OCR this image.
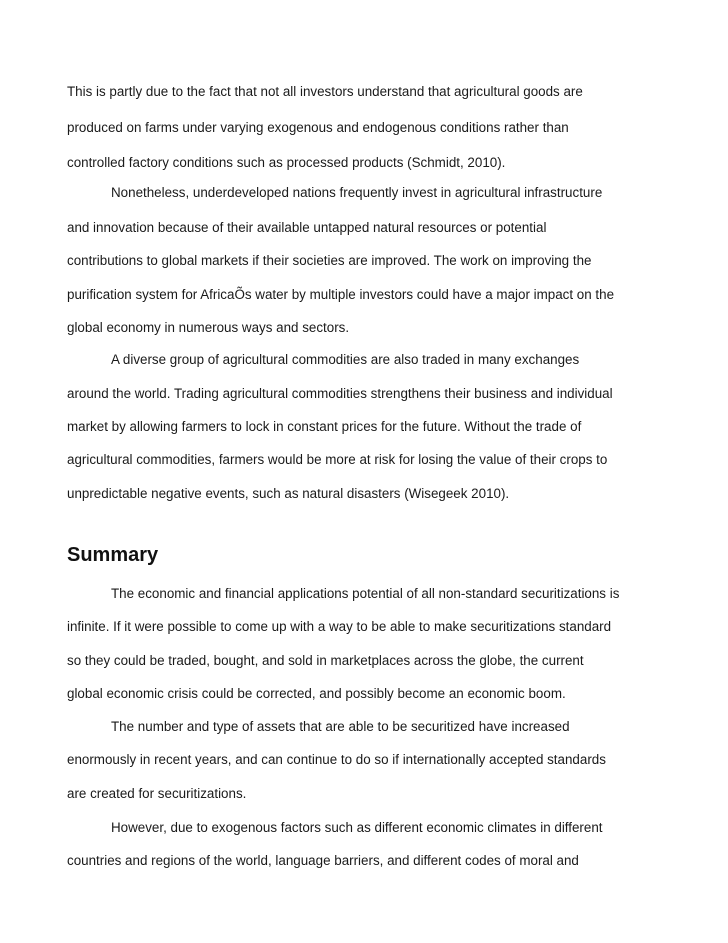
This is partly due to the fact that not all investors understand that agricultural goods are

produced on farms under varying exogenous and endogenous conditions rather than

controlled factory conditions such as processed products (Schmidt, 2010).

Nonetheless, underdeveloped nations frequently invest in agricultural infrastructure

and innovation because of their available untapped natural resources or potential

contributions to global markets if their societies are improved. The work on improving the

purification system for AfricaÕs water by multiple investors could have a major impact on the

global economy in numerous ways and sectors.

A diverse group of agricultural commodities are also traded in many exchanges

around the world. Trading agricultural commodities strengthens their business and individual

market by allowing farmers to lock in constant prices for the future. Without the trade of

agricultural commodities, farmers would be more at risk for losing the value of their crops to

unpredictable negative events, such as natural disasters (Wisegeek 2010).

Summary

The economic and financial applications potential of all non-standard securitizations is

infinite. If it were possible to come up with a way to be able to make securitizations standard

so they could be traded, bought, and sold in marketplaces across the globe, the current

global economic crisis could be corrected, and possibly become an economic boom.

The number and type of assets that are able to be securitized have increased

enormously in recent years, and can continue to do so if internationally accepted standards

are created for securitizations.

However, due to exogenous factors such as different economic climates in different

countries and regions of the world, language barriers, and different codes of moral and
